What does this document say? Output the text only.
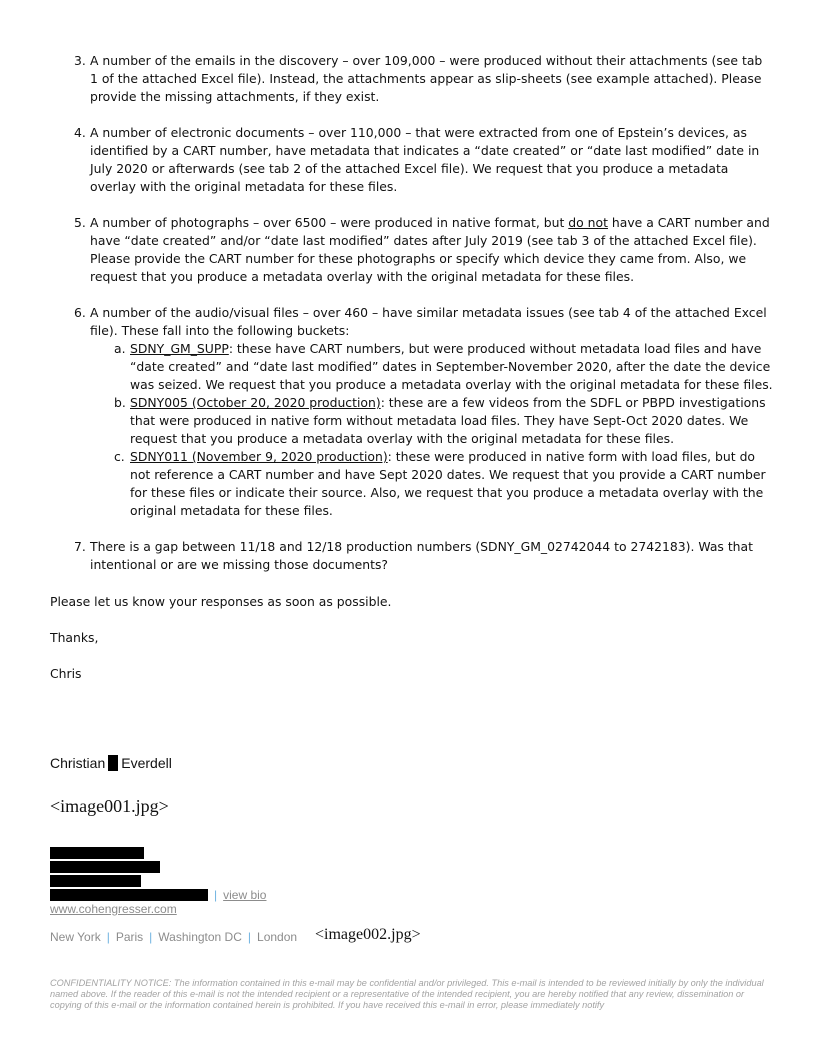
3. A number of the emails in the discovery – over 109,000 – were produced without their attachments (see tab 1 of the attached Excel file). Instead, the attachments appear as slip-sheets (see example attached). Please provide the missing attachments, if they exist.
4. A number of electronic documents – over 110,000 – that were extracted from one of Epstein’s devices, as identified by a CART number, have metadata that indicates a “date created” or “date last modified” date in July 2020 or afterwards (see tab 2 of the attached Excel file). We request that you produce a metadata overlay with the original metadata for these files.
5. A number of photographs – over 6500 – were produced in native format, but do not have a CART number and have “date created” and/or “date last modified” dates after July 2019 (see tab 3 of the attached Excel file). Please provide the CART number for these photographs or specify which device they came from. Also, we request that you produce a metadata overlay with the original metadata for these files.
6. A number of the audio/visual files – over 460 – have similar metadata issues (see tab 4 of the attached Excel file). These fall into the following buckets:
a. SDNY_GM_SUPP: these have CART numbers, but were produced without metadata load files and have “date created” and “date last modified” dates in September-November 2020, after the date the device was seized. We request that you produce a metadata overlay with the original metadata for these files.
b. SDNY005 (October 20, 2020 production): these are a few videos from the SDFL or PBPD investigations that were produced in native form without metadata load files. They have Sept-Oct 2020 dates. We request that you produce a metadata overlay with the original metadata for these files.
c. SDNY011 (November 9, 2020 production): these were produced in native form with load files, but do not reference a CART number and have Sept 2020 dates. We request that you provide a CART number for these files or indicate their source. Also, we request that you produce a metadata overlay with the original metadata for these files.
7. There is a gap between 11/18 and 12/18 production numbers (SDNY_GM_02742044 to 2742183). Was that intentional or are we missing those documents?
Please let us know your responses as soon as possible.
Thanks,
Chris
Christian Everdell
<image001.jpg>
| view bio
www.cohengresser.com
New York | Paris | Washington DC | London <image002.jpg>
CONFIDENTIALITY NOTICE: The information contained in this e-mail may be confidential and/or privileged. This e-mail is intended to be reviewed initially by only the individual named above. If the reader of this e-mail is not the intended recipient or a representative of the intended recipient, you are hereby notified that any review, dissemination or copying of this e-mail or the information contained herein is prohibited. If you have received this e-mail in error, please immediately notify
